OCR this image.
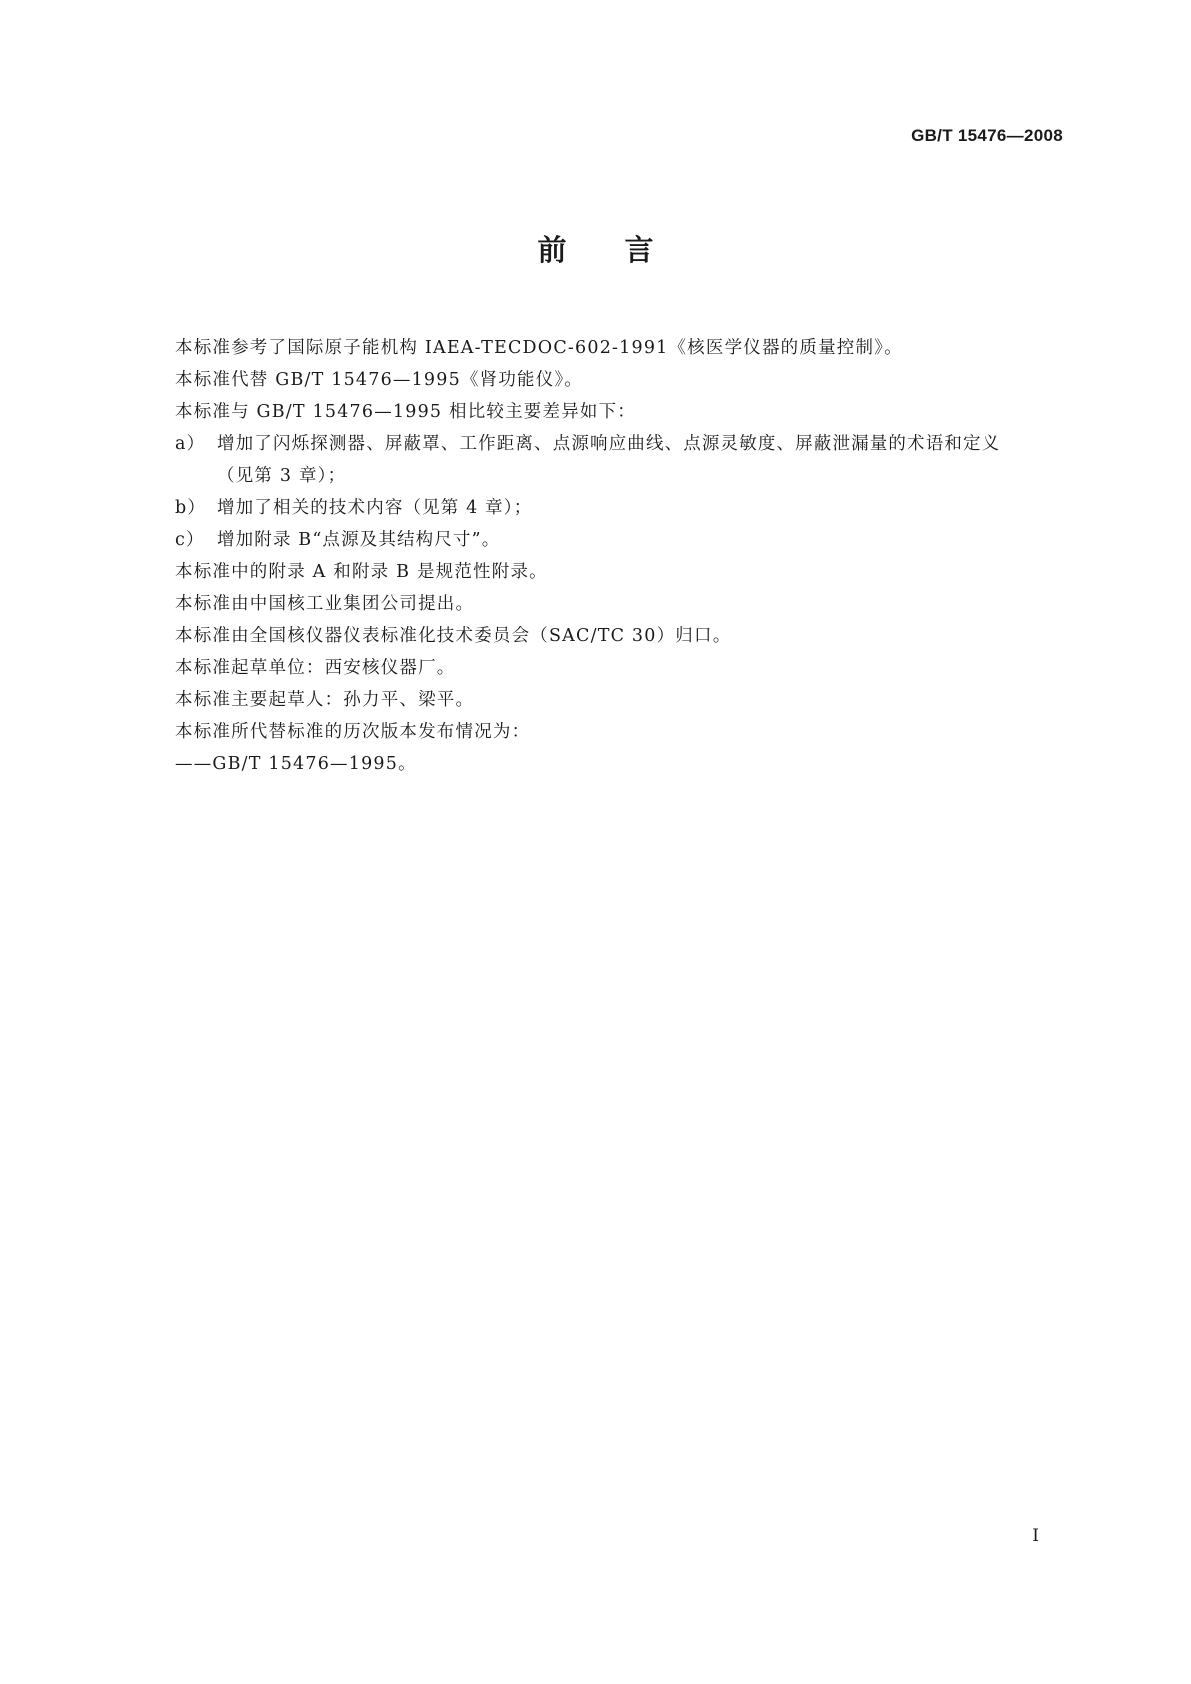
GB/T 15476—2008
前言

本标准参考了国际原子能机构 IAEA-TECDOC-602-1991《核医学仪器的质量控制》。

本标准代替 GB/T 15476—1995《肾功能仪》。

本标准与 GB/T 15476—1995 相比较主要差异如下：

a） 增加了闪烁探测器、屏蔽罩、工作距离、点源响应曲线、点源灵敏度、屏蔽泄漏量的术语和定义
（见第 3 章）；
b） 增加了相关的技术内容（见第 4 章）；
c） 增加附录 B“点源及其结构尺寸”。

本标准中的附录 A 和附录 B 是规范性附录。

本标准由中国核工业集团公司提出。

本标准由全国核仪器仪表标准化技术委员会（SAC/TC 30）归口。

本标准起草单位：西安核仪器厂。

本标准主要起草人：孙力平、梁平。

本标准所代替标准的历次版本发布情况为：

——GB/T 15476—1995。

I
